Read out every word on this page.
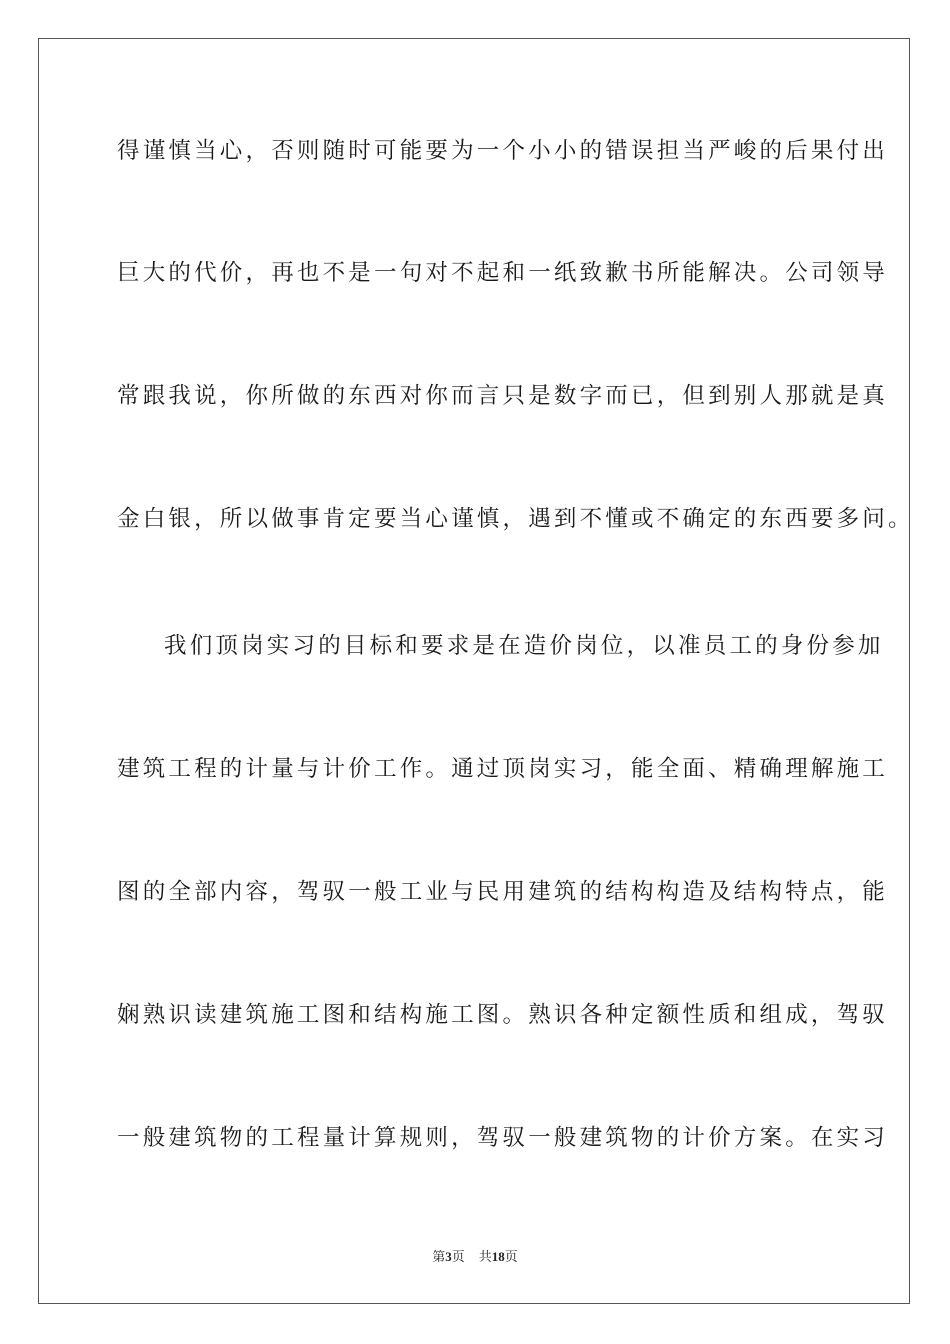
得谨慎当心，否则随时可能要为一个小小的错误担当严峻的后果付出
巨大的代价，再也不是一句对不起和一纸致歉书所能解决。公司领导
常跟我说，你所做的东西对你而言只是数字而已，但到别人那就是真
金白银，所以做事肯定要当心谨慎，遇到不懂或不确定的东西要多问。
我们顶岗实习的目标和要求是在造价岗位，以准员工的身份参加
建筑工程的计量与计价工作。通过顶岗实习，能全面、精确理解施工
图的全部内容，驾驭一般工业与民用建筑的结构构造及结构特点，能
娴熟识读建筑施工图和结构施工图。熟识各种定额性质和组成，驾驭
一般建筑物的工程量计算规则，驾驭一般建筑物的计价方案。在实习
第3页 共18页
